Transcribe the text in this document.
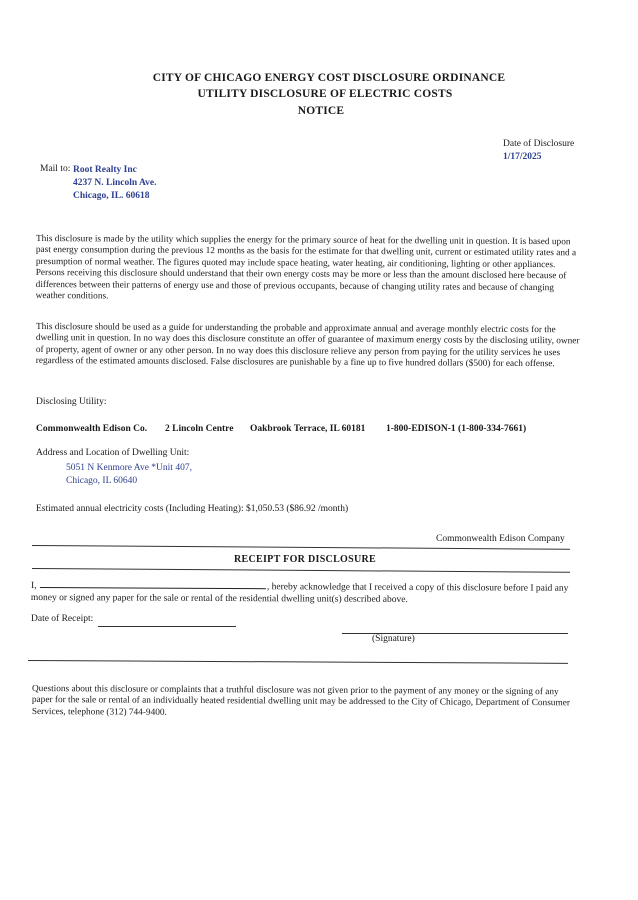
CITY OF CHICAGO ENERGY COST DISCLOSURE ORDINANCE
UTILITY DISCLOSURE OF ELECTRIC COSTS
NOTICE
Date of Disclosure
1/17/2025
Mail to: Root Realty Inc
4237 N. Lincoln Ave.
Chicago, IL. 60618
This disclosure is made by the utility which supplies the energy for the primary source of heat for the dwelling unit in question. It is based upon past energy consumption during the previous 12 months as the basis for the estimate for that dwelling unit, current or estimated utility rates and a presumption of normal weather. The figures quoted may include space heating, water heating, air conditioning, lighting or other appliances. Persons receiving this disclosure should understand that their own energy costs may be more or less than the amount disclosed here because of differences between their patterns of energy use and those of previous occupants, because of changing utility rates and because of changing weather conditions.
This disclosure should be used as a guide for understanding the probable and approximate annual and average monthly electric costs for the dwelling unit in question. In no way does this disclosure constitute an offer of guarantee of maximum energy costs by the disclosing utility, owner of property, agent of owner or any other person. In no way does this disclosure relieve any person from paying for the utility services he uses regardless of the estimated amounts disclosed. False disclosures are punishable by a fine up to five hundred dollars ($500) for each offense.
Disclosing Utility:
Commonwealth Edison Co. 2 Lincoln Centre Oakbrook Terrace, IL 60181 1-800-EDISON-1 (1-800-334-7661)
Address and Location of Dwelling Unit:
5051 N Kenmore Ave *Unit 407,
Chicago, IL 60640
Estimated annual electricity costs (Including Heating): $1,050.53 ($86.92 /month)
Commonwealth Edison Company
RECEIPT FOR DISCLOSURE
I,	, hereby acknowledge that I received a copy of this disclosure before I paid any money or signed any paper for the sale or rental of the residential dwelling unit(s) described above.
Date of Receipt:
(Signature)
Questions about this disclosure or complaints that a truthful disclosure was not given prior to the payment of any money or the signing of any paper for the sale or rental of an individually heated residential dwelling unit may be addressed to the City of Chicago, Department of Consumer Services, telephone (312) 744-9400.
